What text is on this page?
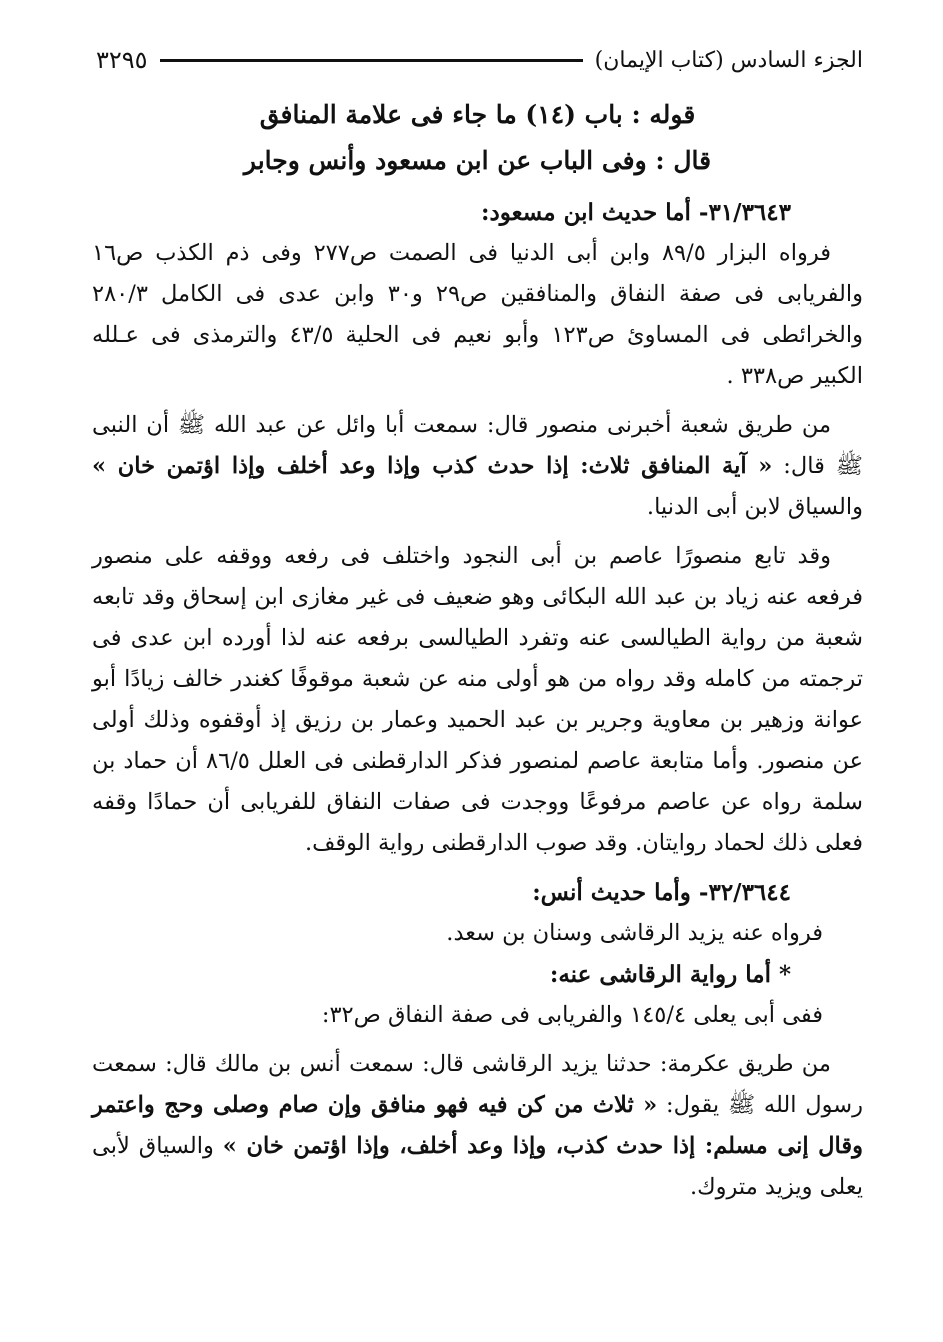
الجزء السادس (كتاب الإيمان)
٣٢٩٥

قوله : باب (١٤) ما جاء فى علامة المنافق

قال : وفى الباب عن ابن مسعود وأنس وجابر

٣١/٣٦٤٣- أما حديث ابن مسعود:

فرواه البزار ٨٩/٥ وابن أبى الدنيا فى الصمت ص٢٧٧ وفى ذم الكذب ص١٦ والفريابى فى صفة النفاق والمنافقين ص٢٩ و٣٠ وابن عدى فى الكامل ٢٨٠/٣ والخرائطى فى المساوئ ص١٢٣ وأبو نعيم فى الحلية ٤٣/٥ والترمذى فى عـلله الكبير ص٣٣٨ .

من طريق شعبة أخبرنى منصور قال: سمعت أبا وائل عن عبد الله ﷺ أن النبى ﷺ قال: « آية المنافق ثلاث: إذا حدث كذب وإذا وعد أخلف وإذا اؤتمن خان » والسياق لابن أبى الدنيا.

وقد تابع منصورًا عاصم بن أبى النجود واختلف فى رفعه ووقفه على منصور فرفعه عنه زياد بن عبد الله البكائى وهو ضعيف فى غير مغازى ابن إسحاق وقد تابعه شعبة من رواية الطيالسى عنه وتفرد الطيالسى برفعه عنه لذا أورده ابن عدى فى ترجمته من كامله وقد رواه من هو أولى منه عن شعبة موقوفًا كغندر خالف زيادًا أبو عوانة وزهير بن معاوية وجرير بن عبد الحميد وعمار بن رزيق إذ أوقفوه وذلك أولى عن منصور. وأما متابعة عاصم لمنصور فذكر الدارقطنى فى العلل ٨٦/٥ أن حماد بن سلمة رواه عن عاصم مرفوعًا ووجدت فى صفات النفاق للفريابى أن حمادًا وقفه فعلى ذلك لحماد روايتان. وقد صوب الدارقطنى رواية الوقف.

٣٢/٣٦٤٤- وأما حديث أنس:

فرواه عنه يزيد الرقاشى وسنان بن سعد.

* أما رواية الرقاشى عنه:

ففى أبى يعلى ١٤٥/٤ والفريابى فى صفة النفاق ص٣٢:

من طريق عكرمة: حدثنا يزيد الرقاشى قال: سمعت أنس بن مالك قال: سمعت رسول الله ﷺ يقول: « ثلاث من كن فيه فهو منافق وإن صام وصلى وحج واعتمر وقال إنى مسلم: إذا حدث كذب، وإذا وعد أخلف، وإذا اؤتمن خان » والسياق لأبى يعلى ويزيد متروك.
